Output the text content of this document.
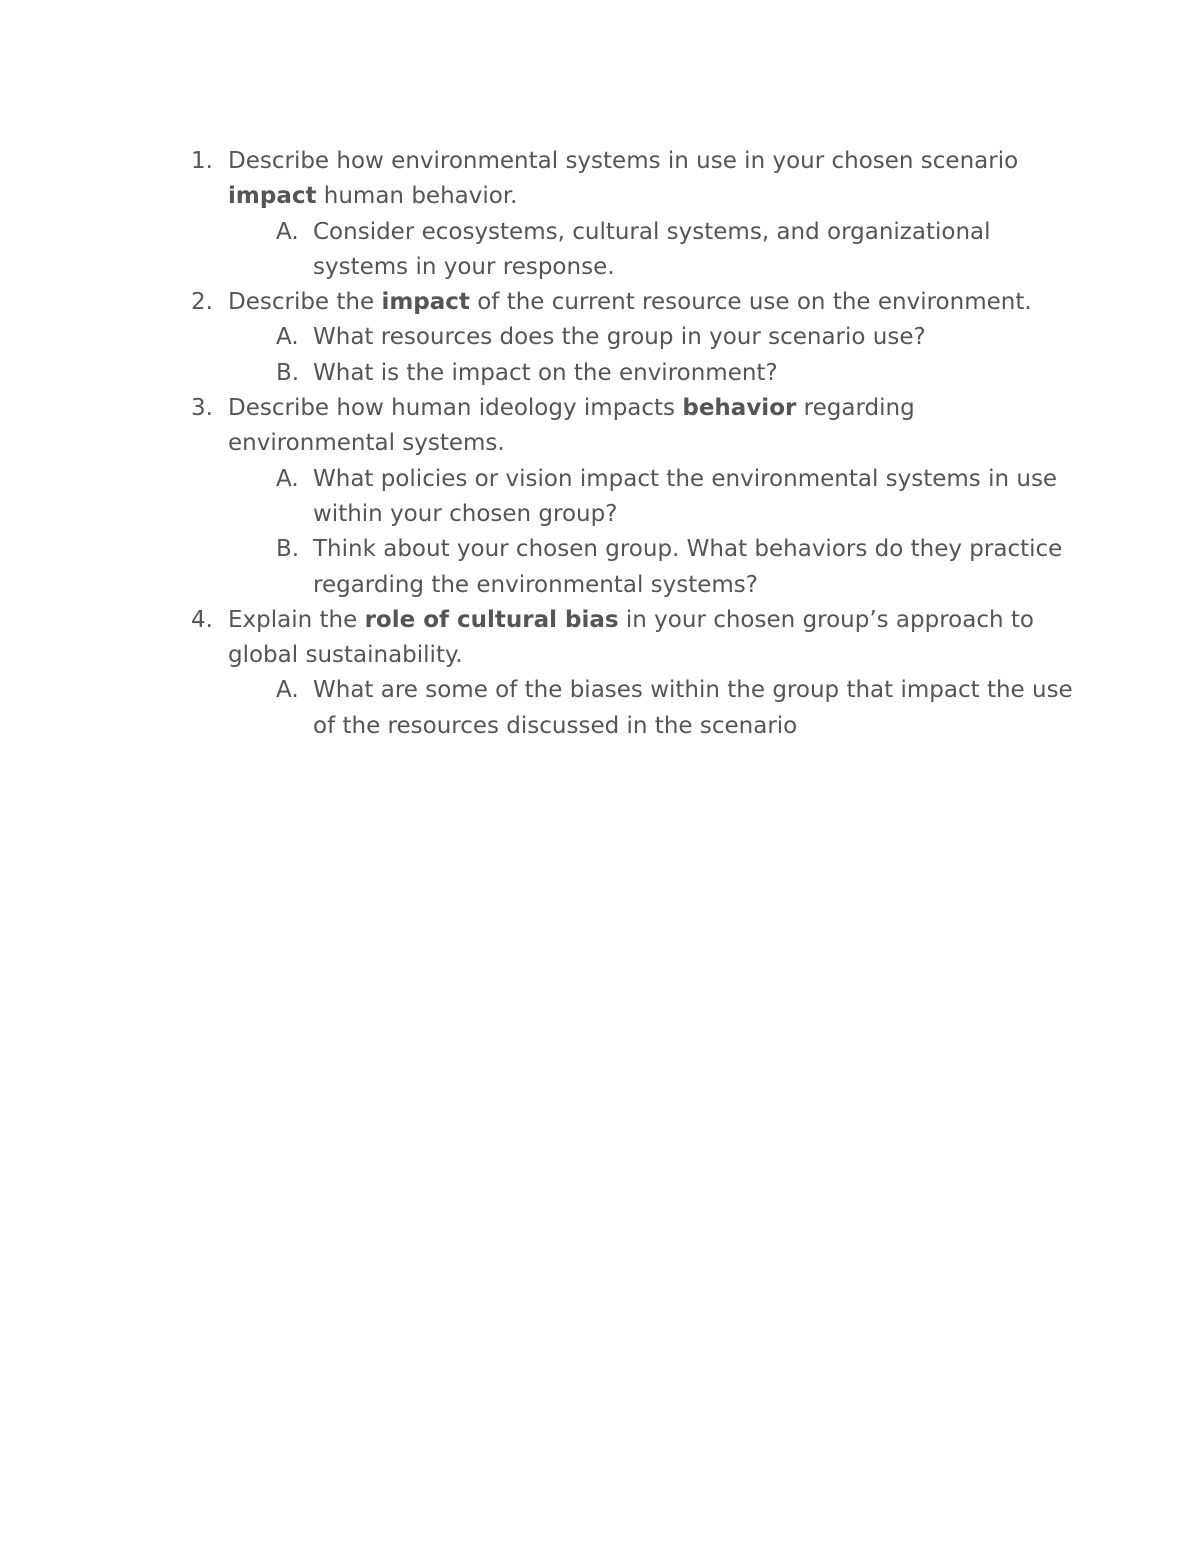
1. Describe how environmental systems in use in your chosen scenario impact human behavior.
A. Consider ecosystems, cultural systems, and organizational systems in your response.
2. Describe the impact of the current resource use on the environment.
A. What resources does the group in your scenario use?
B. What is the impact on the environment?
3. Describe how human ideology impacts behavior regarding environmental systems.
A. What policies or vision impact the environmental systems in use within your chosen group?
B. Think about your chosen group. What behaviors do they practice regarding the environmental systems?
4. Explain the role of cultural bias in your chosen group’s approach to global sustainability.
A. What are some of the biases within the group that impact the use of the resources discussed in the scenario
